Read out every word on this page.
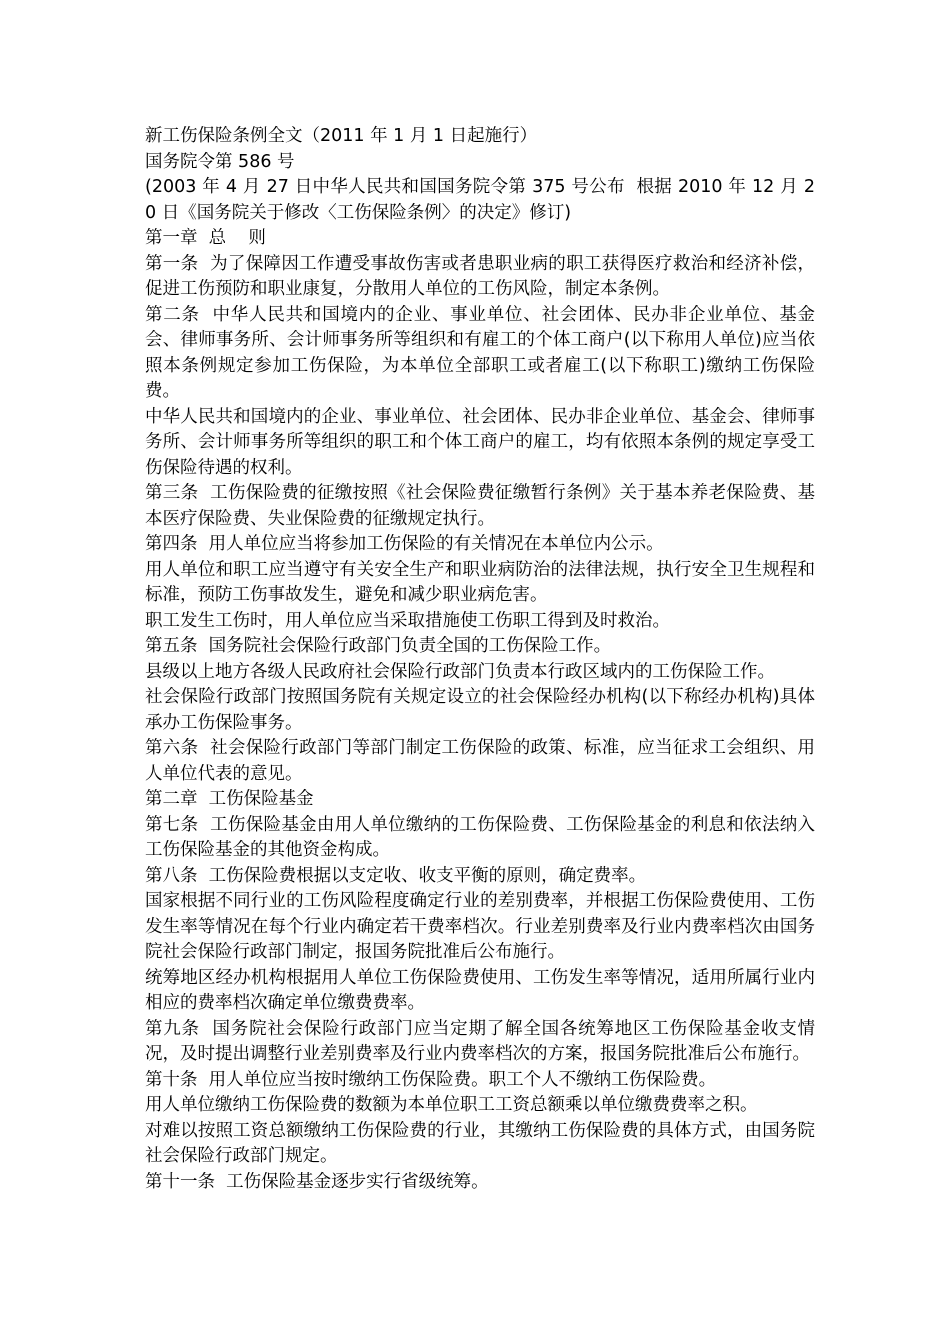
新工伤保险条例全文（2011 年 1 月 1 日起施行）

国务院令第 586 号

(2003 年 4 月 27 日中华人民共和国国务院令第 375 号公布  根据 2010 年 12 月 20 日《国务院关于修改〈工伤保险条例〉的决定》修订)

第一章  总    则

第一条  为了保障因工作遭受事故伤害或者患职业病的职工获得医疗救治和经济补偿，促进工伤预防和职业康复，分散用人单位的工伤风险，制定本条例。

第二条  中华人民共和国境内的企业、事业单位、社会团体、民办非企业单位、基金会、律师事务所、会计师事务所等组织和有雇工的个体工商户(以下称用人单位)应当依照本条例规定参加工伤保险，为本单位全部职工或者雇工(以下称职工)缴纳工伤保险费。

中华人民共和国境内的企业、事业单位、社会团体、民办非企业单位、基金会、律师事务所、会计师事务所等组织的职工和个体工商户的雇工，均有依照本条例的规定享受工伤保险待遇的权利。

第三条  工伤保险费的征缴按照《社会保险费征缴暂行条例》关于基本养老保险费、基本医疗保险费、失业保险费的征缴规定执行。

第四条  用人单位应当将参加工伤保险的有关情况在本单位内公示。

用人单位和职工应当遵守有关安全生产和职业病防治的法律法规，执行安全卫生规程和标准，预防工伤事故发生，避免和减少职业病危害。

职工发生工伤时，用人单位应当采取措施使工伤职工得到及时救治。

第五条  国务院社会保险行政部门负责全国的工伤保险工作。

县级以上地方各级人民政府社会保险行政部门负责本行政区域内的工伤保险工作。

社会保险行政部门按照国务院有关规定设立的社会保险经办机构(以下称经办机构)具体承办工伤保险事务。

第六条  社会保险行政部门等部门制定工伤保险的政策、标准，应当征求工会组织、用人单位代表的意见。

第二章  工伤保险基金

第七条  工伤保险基金由用人单位缴纳的工伤保险费、工伤保险基金的利息和依法纳入工伤保险基金的其他资金构成。

第八条  工伤保险费根据以支定收、收支平衡的原则，确定费率。

国家根据不同行业的工伤风险程度确定行业的差别费率，并根据工伤保险费使用、工伤发生率等情况在每个行业内确定若干费率档次。行业差别费率及行业内费率档次由国务院社会保险行政部门制定，报国务院批准后公布施行。

统筹地区经办机构根据用人单位工伤保险费使用、工伤发生率等情况，适用所属行业内相应的费率档次确定单位缴费费率。

第九条  国务院社会保险行政部门应当定期了解全国各统筹地区工伤保险基金收支情况，及时提出调整行业差别费率及行业内费率档次的方案，报国务院批准后公布施行。

第十条  用人单位应当按时缴纳工伤保险费。职工个人不缴纳工伤保险费。

用人单位缴纳工伤保险费的数额为本单位职工工资总额乘以单位缴费费率之积。

对难以按照工资总额缴纳工伤保险费的行业，其缴纳工伤保险费的具体方式，由国务院社会保险行政部门规定。

第十一条  工伤保险基金逐步实行省级统筹。
